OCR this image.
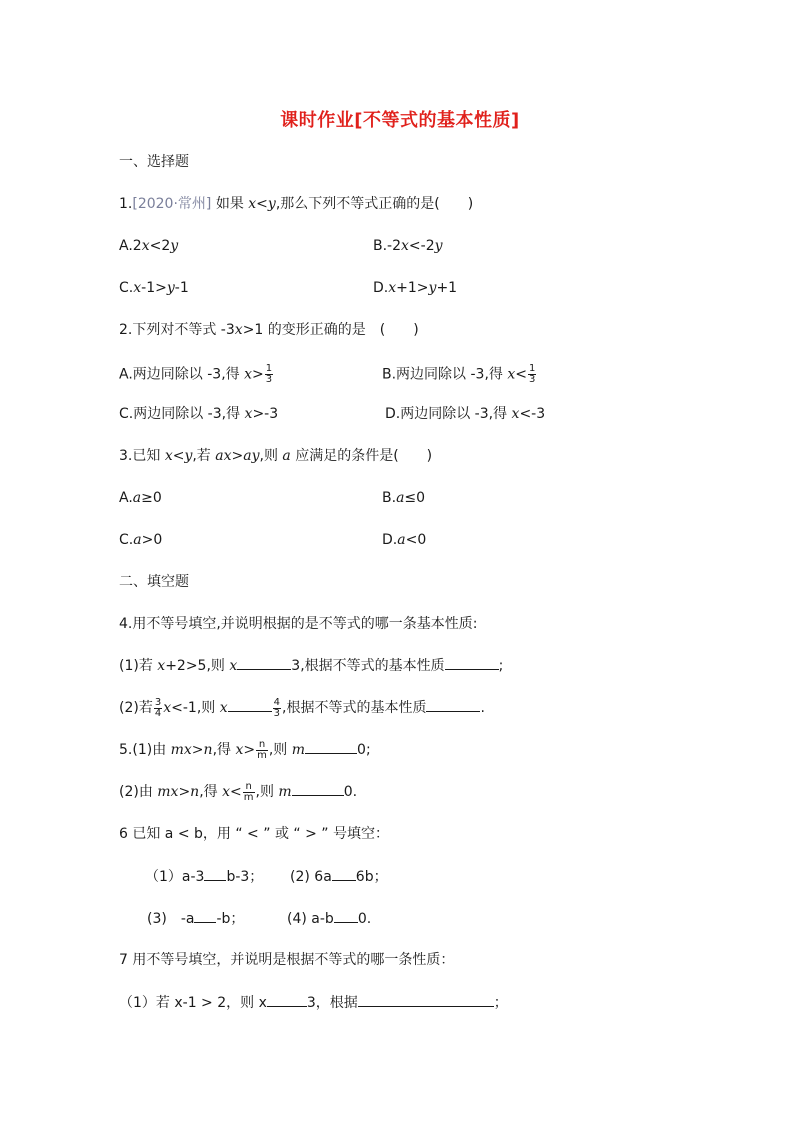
课时作业[不等式的基本性质]
一、选择题
1.[2020·常州] 如果 x<y,那么下列不等式正确的是(　　)
A.2x<2y	B.-2x<-2y
C.x-1>y-1	D.x+1>y+1
2.下列对不等式 -3x>1 的变形正确的是　(　　)
A.两边同除以 -3,得 $x> \frac{1}{3}$	B.两边同除以 -3,得 $x< \frac{1}{3}$
C.两边同除以 -3,得 x>-3	D.两边同除以 -3,得 x<-3
3.已知 x<y,若 ax>ay,则 a 应满足的条件是(　　)
A.a≥0	B.a≤0
C.a>0	D.a<0
二、填空题
4.用不等号填空,并说明根据的是不等式的哪一条基本性质:
(1)若 x+2>5,则 x	3,根据不等式的基本性质	;
(2)若 $\frac{3}{4} x<-1$,则 x	$\frac{4}{3}$ ,根据不等式的基本性质	.
5.(1)由 mx>n,得 $x> \frac{n}{m}$ ,则 m	0;
(2)由 mx>n,得 $x< \frac{n}{m}$ ,则 m	0.
6 已知 a < b，用 “ < ” 或 “ > ” 号填空：
（1）a-3 b-3； (2) 6a 6b；
(3)　-a -b；	(4) a-b 0.
7 用不等号填空，并说明是根据不等式的哪一条性质：
（1）若 x-1 > 2，则 x	3，根据	；
